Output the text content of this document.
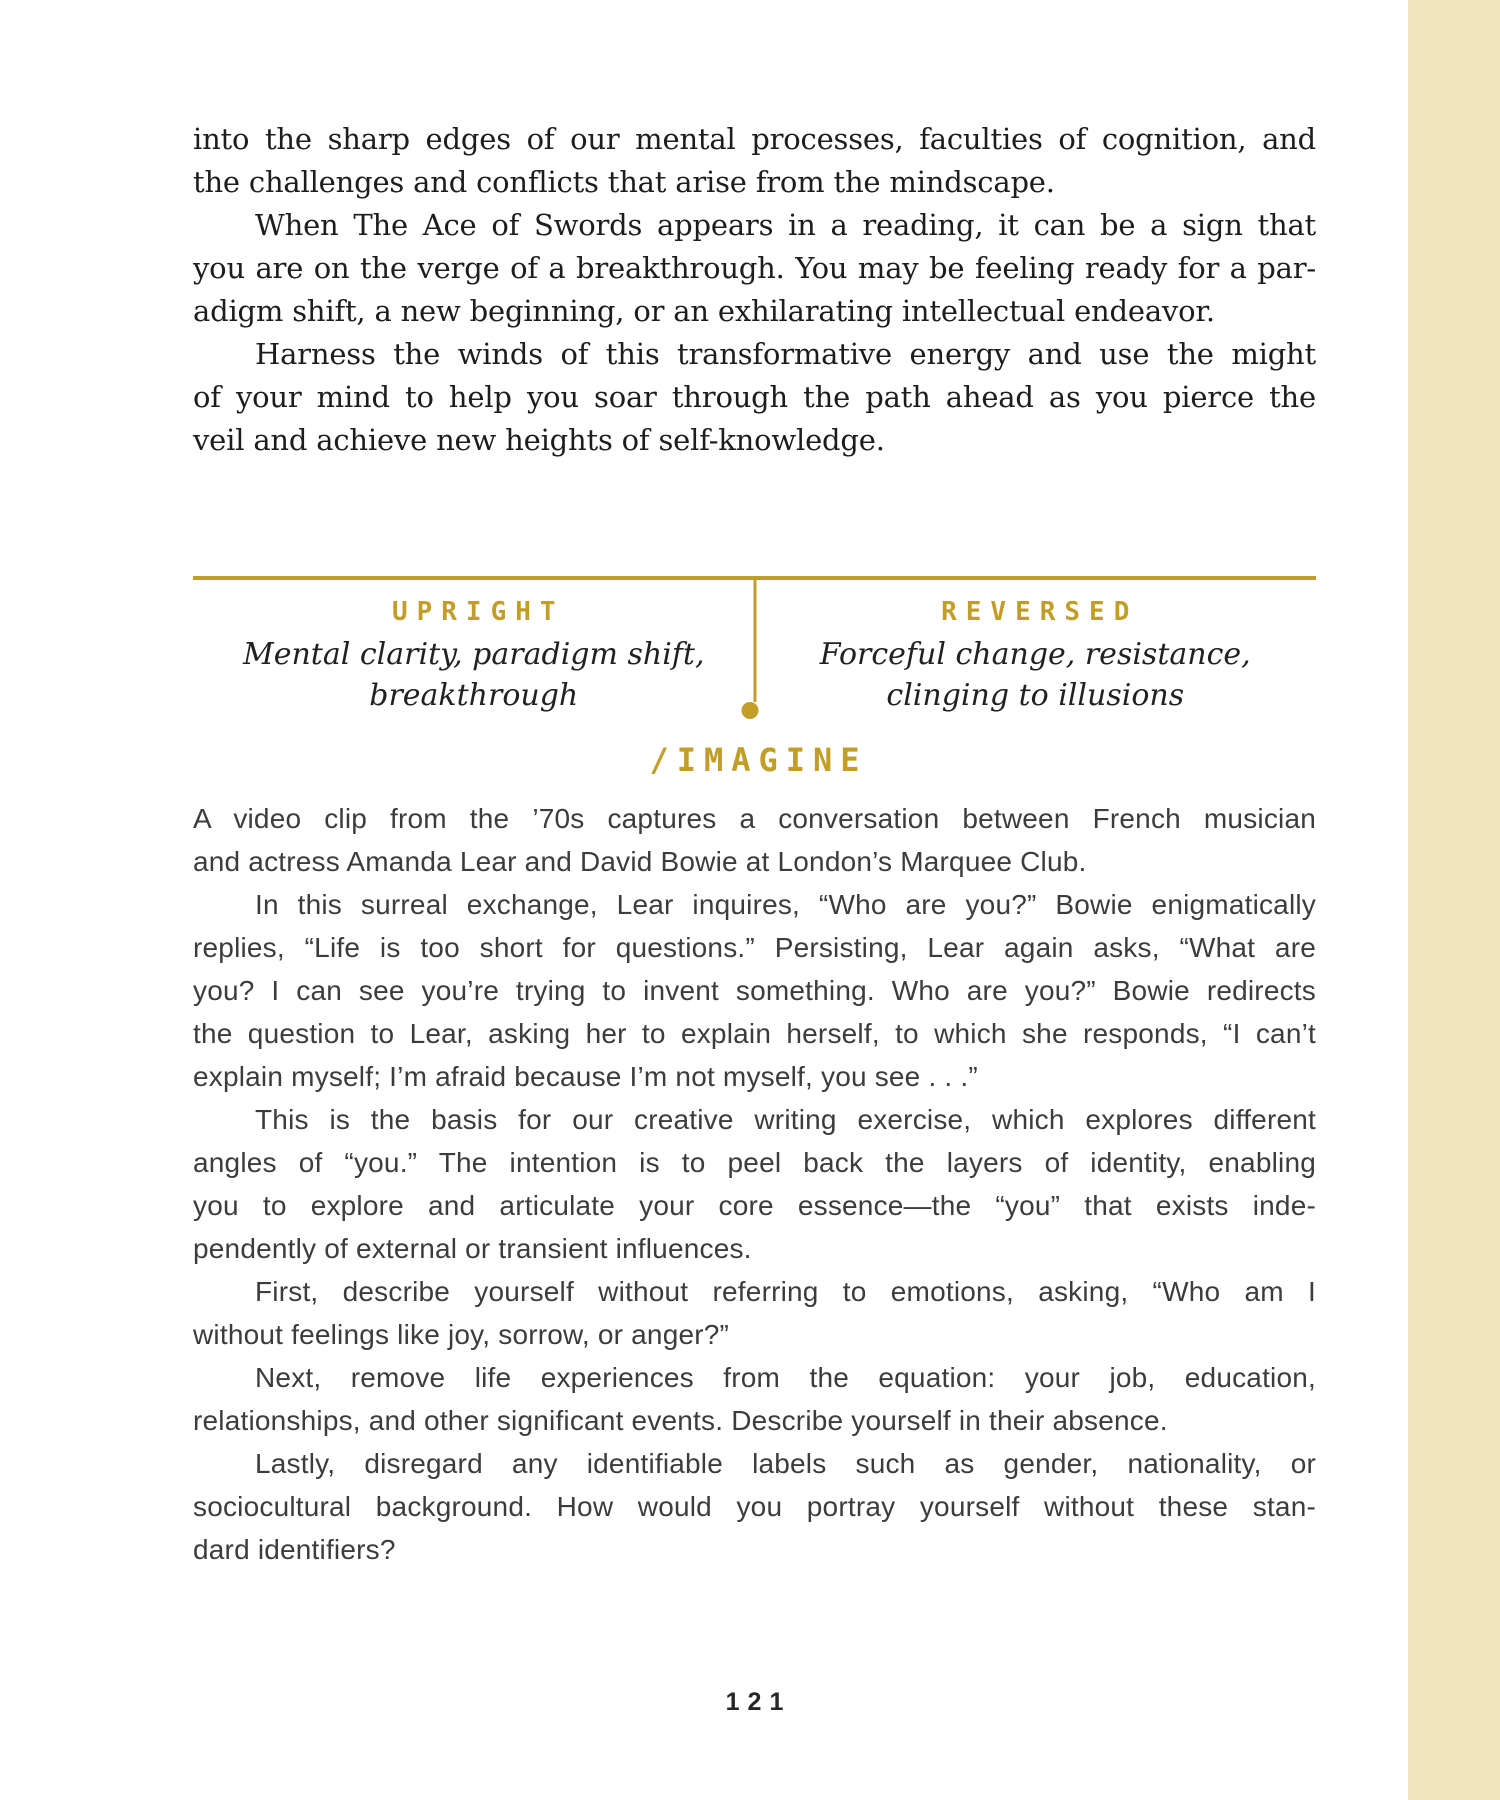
into the sharp edges of our mental processes, faculties of cognition, and
the challenges and conflicts that arise from the mindscape.
When The Ace of Swords appears in a reading, it can be a sign that
you are on the verge of a breakthrough. You may be feeling ready for a par-
adigm shift, a new beginning, or an exhilarating intellectual endeavor.
Harness the winds of this transformative energy and use the might
of your mind to help you soar through the path ahead as you pierce the
veil and achieve new heights of self-knowledge.
UPRIGHT
Mental clarity, paradigm shift,
breakthrough
REVERSED
Forceful change, resistance,
clinging to illusions
/IMAGINE
A video clip from the ’70s captures a conversation between French musician
and actress Amanda Lear and David Bowie at London’s Marquee Club.
In this surreal exchange, Lear inquires, “Who are you?” Bowie enigmatically
replies, “Life is too short for questions.” Persisting, Lear again asks, “What are
you? I can see you’re trying to invent something. Who are you?” Bowie redirects
the question to Lear, asking her to explain herself, to which she responds, “I can’t
explain myself; I’m afraid because I’m not myself, you see . . .”
This is the basis for our creative writing exercise, which explores different
angles of “you.” The intention is to peel back the layers of identity, enabling
you to explore and articulate your core essence—the “you” that exists inde-
pendently of external or transient influences.
First, describe yourself without referring to emotions, asking, “Who am I
without feelings like joy, sorrow, or anger?”
Next, remove life experiences from the equation: your job, education,
relationships, and other significant events. Describe yourself in their absence.
Lastly, disregard any identifiable labels such as gender, nationality, or
sociocultural background. How would you portray yourself without these stan-
dard identifiers?
121
